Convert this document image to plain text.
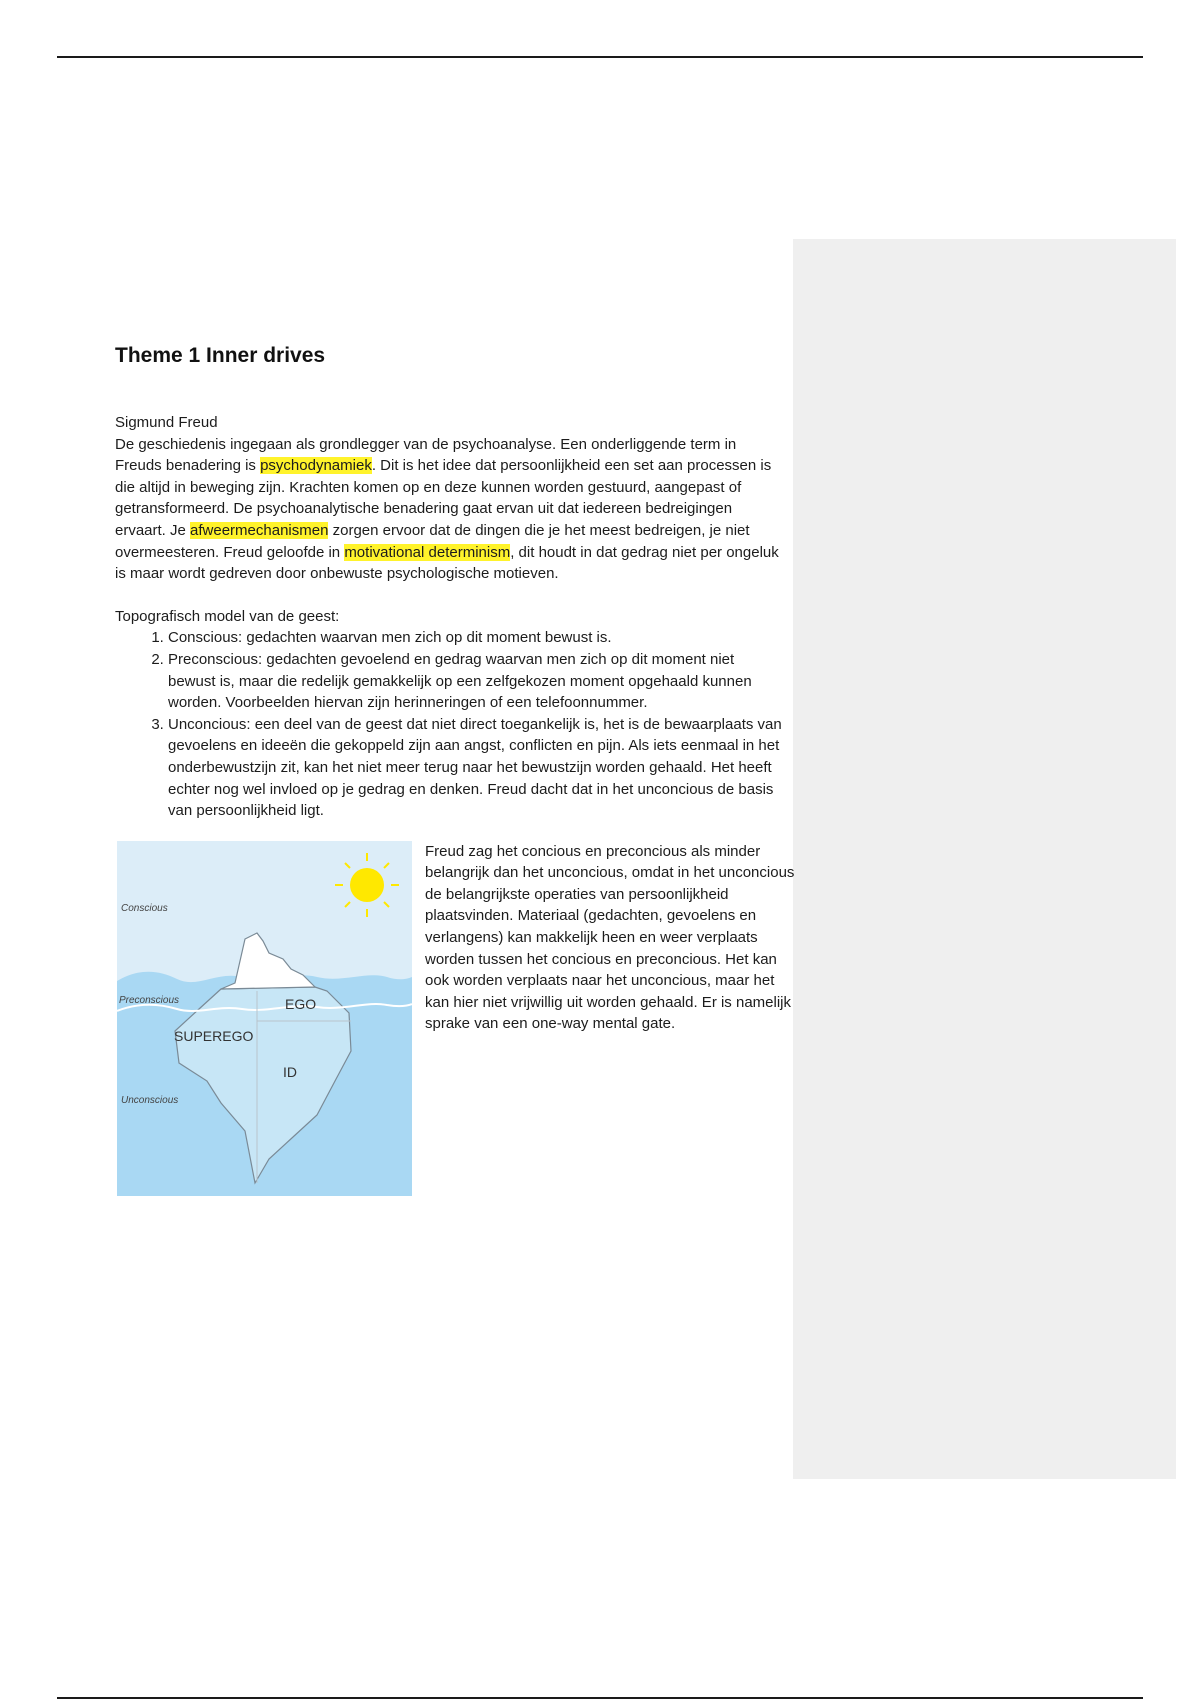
Theme 1 Inner drives

Sigmund Freud

De geschiedenis ingegaan als grondlegger van de psychoanalyse. Een onderliggende term in Freuds benadering is psychodynamiek. Dit is het idee dat persoonlijkheid een set aan processen is die altijd in beweging zijn. Krachten komen op en deze kunnen worden gestuurd, aangepast of getransformeerd. De psychoanalytische benadering gaat ervan uit dat iedereen bedreigingen ervaart. Je afweermechanismen zorgen ervoor dat de dingen die je het meest bedreigen, je niet overmeesteren. Freud geloofde in motivational determinism, dit houdt in dat gedrag niet per ongeluk is maar wordt gedreven door onbewuste psychologische motieven.

Topografisch model van de geest:

1. Conscious: gedachten waarvan men zich op dit moment bewust is.
2. Preconscious: gedachten gevoelend en gedrag waarvan men zich op dit moment niet bewust is, maar die redelijk gemakkelijk op een zelfgekozen moment opgehaald kunnen worden. Voorbeelden hiervan zijn herinneringen of een telefoonnummer.
3. Unconcious: een deel van de geest dat niet direct toegankelijk is, het is de bewaarplaats van gevoelens en ideeën die gekoppeld zijn aan angst, conflicten en pijn. Als iets eenmaal in het onderbewustzijn zit, kan het niet meer terug naar het bewustzijn worden gehaald. Het heeft echter nog wel invloed op je gedrag en denken. Freud dacht dat in het unconcious de basis van persoonlijkheid ligt.
Conscious
Preconscious
Unconscious
EGO
SUPEREGO
ID

Freud zag het concious en preconcious als minder belangrijk dan het unconcious, omdat in het unconcious de belangrijkste operaties van persoonlijkheid plaatsvinden. Materiaal (gedachten, gevoelens en verlangens) kan makkelijk heen en weer verplaats worden tussen het concious en preconcious. Het kan ook worden verplaats naar het unconcious, maar het kan hier niet vrijwillig uit worden gehaald. Er is namelijk sprake van een one-way mental gate.
